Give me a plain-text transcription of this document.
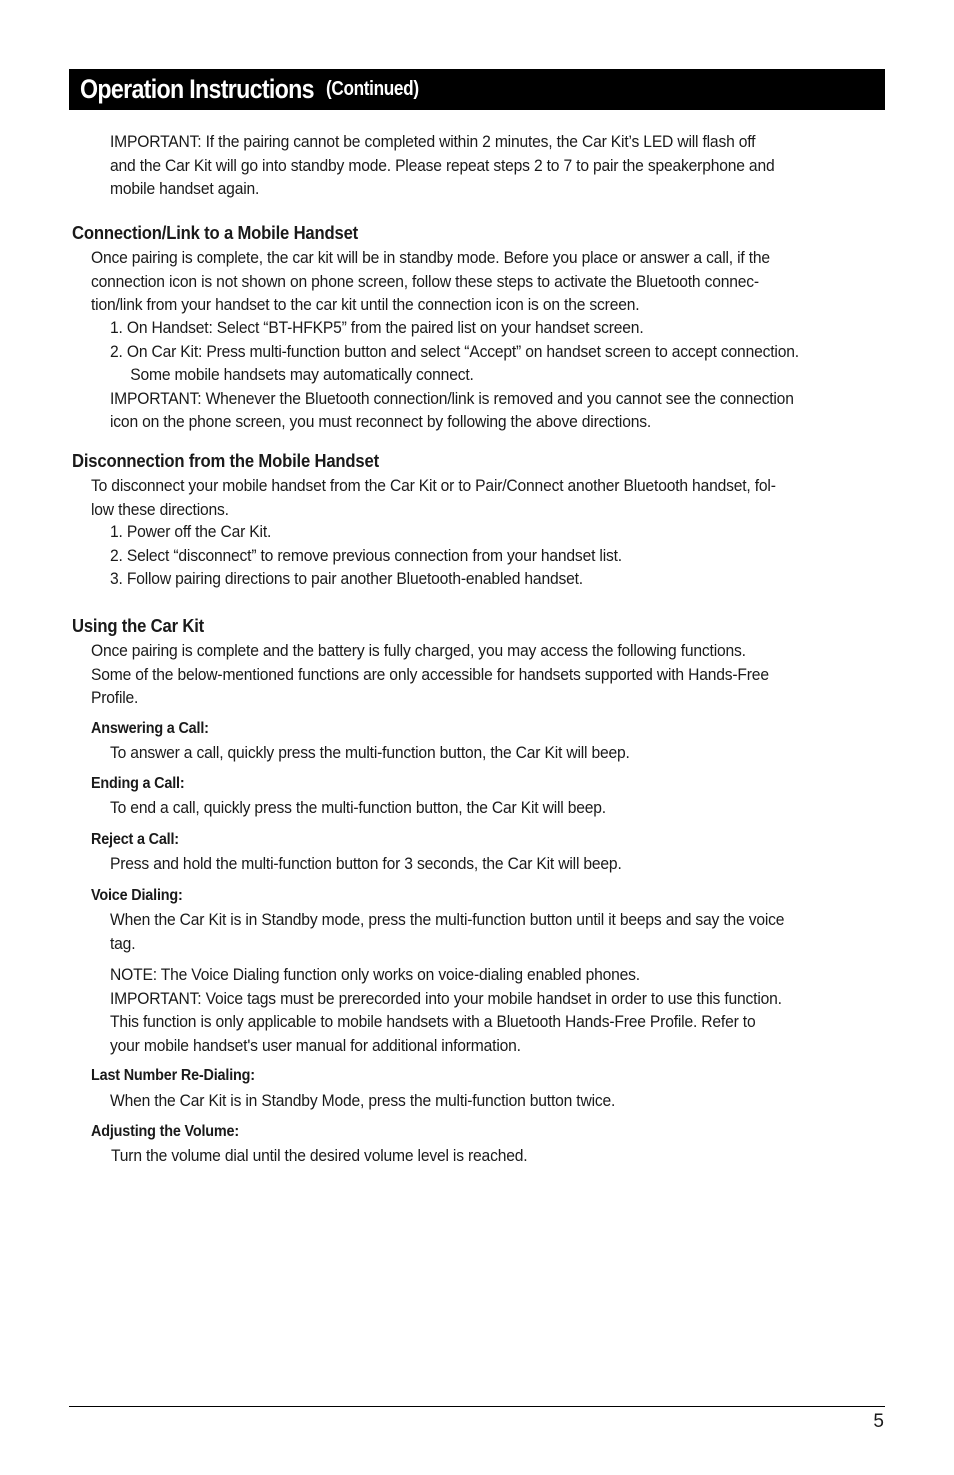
Operation Instructions (Continued)
IMPORTANT: If the pairing cannot be completed within 2 minutes, the Car Kit’s LED will flash off
and the Car Kit will go into standby mode. Please repeat steps 2 to 7 to pair the speakerphone and
mobile handset again.
Connection/Link to a Mobile Handset
Once pairing is complete, the car kit will be in standby mode. Before you place or answer a call, if the
connection icon is not shown on phone screen, follow these steps to activate the Bluetooth connec-
tion/link from your handset to the car kit until the connection icon is on the screen.
1. On Handset: Select “BT-HFKP5” from the paired list on your handset screen.
2. On Car Kit: Press multi-function button and select “Accept” on handset screen to accept connection.
Some mobile handsets may automatically connect.
IMPORTANT: Whenever the Bluetooth connection/link is removed and you cannot see the connection
icon on the phone screen, you must reconnect by following the above directions.
Disconnection from the Mobile Handset
To disconnect your mobile handset from the Car Kit or to Pair/Connect another Bluetooth handset, fol-
low these directions.
1. Power off the Car Kit.
2. Select “disconnect” to remove previous connection from your handset list.
3. Follow pairing directions to pair another Bluetooth-enabled handset.
Using the Car Kit
Once pairing is complete and the battery is fully charged, you may access the following functions.
Some of the below-mentioned functions are only accessible for handsets supported with Hands-Free
Profile.
Answering a Call:
To answer a call, quickly press the multi-function button, the Car Kit will beep.
Ending a Call:
To end a call, quickly press the multi-function button, the Car Kit will beep.
Reject a Call:
Press and hold the multi-function button for 3 seconds, the Car Kit will beep.
Voice Dialing:
When the Car Kit is in Standby mode, press the multi-function button until it beeps and say the voice
tag.
NOTE: The Voice Dialing function only works on voice-dialing enabled phones.
IMPORTANT: Voice tags must be prerecorded into your mobile handset in order to use this function.
This function is only applicable to mobile handsets with a Bluetooth Hands-Free Profile. Refer to
your mobile handset's user manual for additional information.
Last Number Re-Dialing:
When the Car Kit is in Standby Mode, press the multi-function button twice.
Adjusting the Volume:
Turn the volume dial until the desired volume level is reached.
5
